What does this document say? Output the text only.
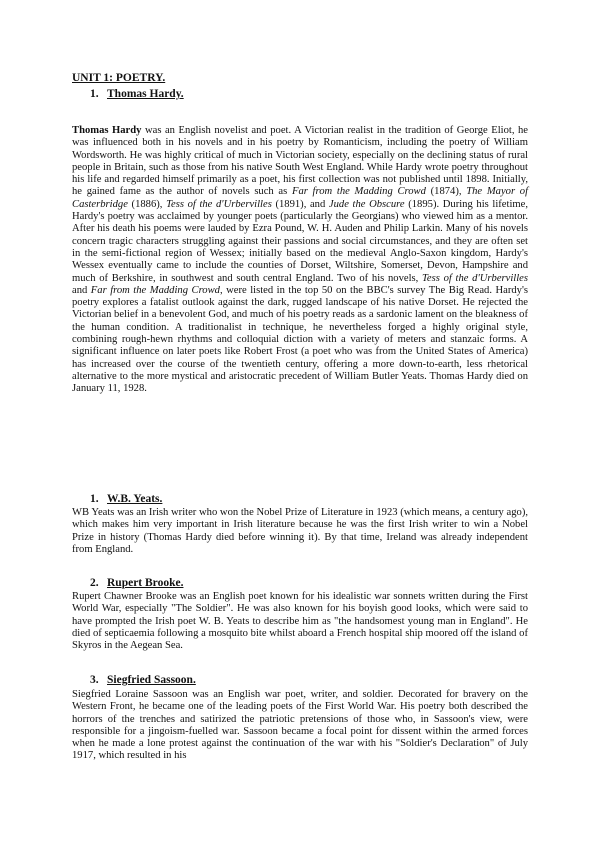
UNIT 1: POETRY.

1. Thomas Hardy.

Thomas Hardy was an English novelist and poet. A Victorian realist in the tradition of George Eliot, he was influenced both in his novels and in his poetry by Romanticism, including the poetry of William Wordsworth. He was highly critical of much in Victorian society, especially on the declining status of rural people in Britain, such as those from his native South West England. While Hardy wrote poetry throughout his life and regarded himself primarily as a poet, his first collection was not published until 1898. Initially, he gained fame as the author of novels such as Far from the Madding Crowd (1874), The Mayor of Casterbridge (1886), Tess of the d'Urbervilles (1891), and Jude the Obscure (1895). During his lifetime, Hardy's poetry was acclaimed by younger poets (particularly the Georgians) who viewed him as a mentor. After his death his poems were lauded by Ezra Pound, W. H. Auden and Philip Larkin. Many of his novels concern tragic characters struggling against their passions and social circumstances, and they are often set in the semi-fictional region of Wessex; initially based on the medieval Anglo-Saxon kingdom, Hardy's Wessex eventually came to include the counties of Dorset, Wiltshire, Somerset, Devon, Hampshire and much of Berkshire, in southwest and south central England. Two of his novels, Tess of the d'Urbervilles and Far from the Madding Crowd, were listed in the top 50 on the BBC's survey The Big Read. Hardy's poetry explores a fatalist outlook against the dark, rugged landscape of his native Dorset. He rejected the Victorian belief in a benevolent God, and much of his poetry reads as a sardonic lament on the bleakness of the human condition. A traditionalist in technique, he nevertheless forged a highly original style, combining rough-hewn rhythms and colloquial diction with a variety of meters and stanzaic forms. A significant influence on later poets like Robert Frost (a poet who was from the United States of America) has increased over the course of the twentieth century, offering a more down-to-earth, less rhetorical alternative to the more mystical and aristocratic precedent of William Butler Yeats. Thomas Hardy died on January 11, 1928.

1. W.B. Yeats.

WB Yeats was an Irish writer who won the Nobel Prize of Literature in 1923 (which means, a century ago), which makes him very important in Irish literature because he was the first Irish writer to win a Nobel Prize in history (Thomas Hardy died before winning it). By that time, Ireland was already independent from England.

2. Rupert Brooke.

Rupert Chawner Brooke was an English poet known for his idealistic war sonnets written during the First World War, especially "The Soldier". He was also known for his boyish good looks, which were said to have prompted the Irish poet W. B. Yeats to describe him as "the handsomest young man in England". He died of septicaemia following a mosquito bite whilst aboard a French hospital ship moored off the island of Skyros in the Aegean Sea.

3. Siegfried Sassoon.

Siegfried Loraine Sassoon was an English war poet, writer, and soldier. Decorated for bravery on the Western Front, he became one of the leading poets of the First World War. His poetry both described the horrors of the trenches and satirized the patriotic pretensions of those who, in Sassoon's view, were responsible for a jingoism-fuelled war. Sassoon became a focal point for dissent within the armed forces when he made a lone protest against the continuation of the war with his "Soldier's Declaration" of July 1917, which resulted in his
